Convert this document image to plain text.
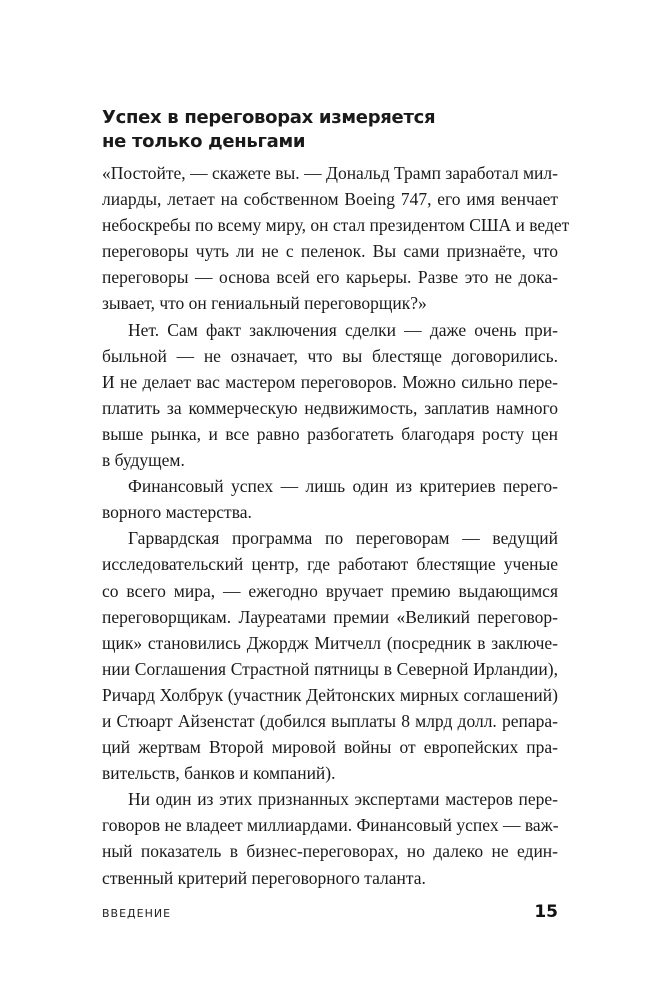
Успех в переговорах измеряется
не только деньгами
«Постойте, — скажете вы. — Дональд Трамп заработал мил-
лиарды, летает на собственном Boeing 747, его имя венчает
небоскребы по всему миру, он стал президентом США и ведет
переговоры чуть ли не с пеленок. Вы сами признаёте, что
переговоры — основа всей его карьеры. Разве это не дока-
зывает, что он гениальный переговорщик?»
Нет. Сам факт заключения сделки — даже очень при-
быльной — не означает, что вы блестяще договорились.
И не делает вас мастером переговоров. Можно сильно пере-
платить за коммерческую недвижимость, заплатив намного
выше рынка, и все равно разбогатеть благодаря росту цен
в будущем.
Финансовый успех — лишь один из критериев перего-
ворного мастерства.
Гарвардская программа по переговорам — ведущий
исследовательский центр, где работают блестящие ученые
со всего мира, — ежегодно вручает премию выдающимся
переговорщикам. Лауреатами премии «Великий переговор-
щик» становились Джордж Митчелл (посредник в заключе-
нии Соглашения Страстной пятницы в Северной Ирландии),
Ричард Холбрук (участник Дейтонских мирных соглашений)
и Стюарт Айзенстат (добился выплаты 8 млрд долл. репара-
ций жертвам Второй мировой войны от европейских пра-
вительств, банков и компаний).
Ни один из этих признанных экспертами мастеров пере-
говоров не владеет миллиардами. Финансовый успех — важ-
ный показатель в бизнес-переговорах, но далеко не един-
ственный критерий переговорного таланта.
ВВЕДЕНИЕ	15
